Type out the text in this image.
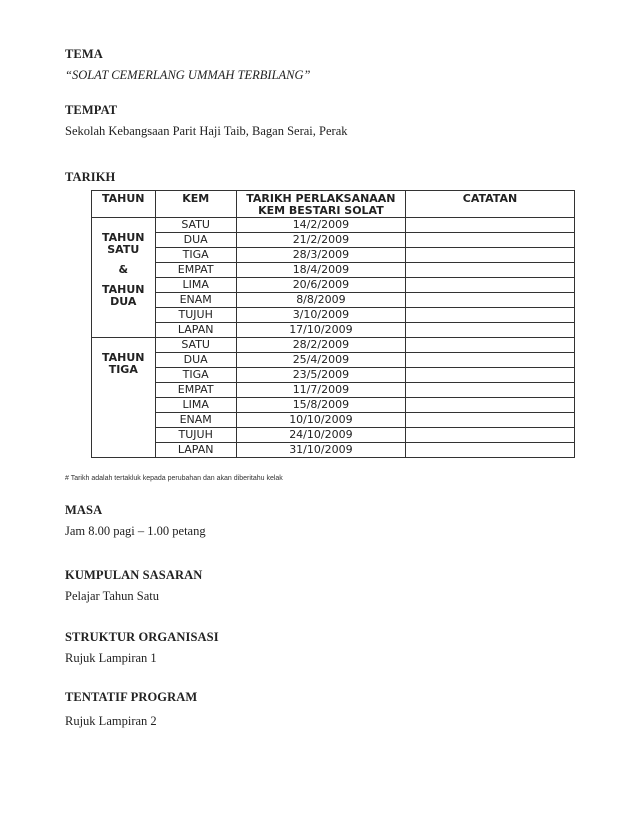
TEMA
“SOLAT CEMERLANG UMMAH TERBILANG”
TEMPAT
Sekolah Kebangsaan Parit Haji Taib, Bagan Serai, Perak
TARIKH
TAHUN	KEM	TARIKH PERLAKSANAAN KEM BESTARI SOLAT	CATATAN

TAHUN
SATU
&
TAHUN
DUA	SATU	14/2/2009	
	DUA	21/2/2009	
	TIGA	28/3/2009	
	EMPAT	18/4/2009	
	LIMA	20/6/2009	
	ENAM	8/8/2009	
	TUJUH	3/10/2009	
	LAPAN	17/10/2009	

TAHUN
TIGA	SATU	28/2/2009	
	DUA	25/4/2009	
	TIGA	23/5/2009	
	EMPAT	11/7/2009	
	LIMA	15/8/2009	
	ENAM	10/10/2009	
	TUJUH	24/10/2009	
	LAPAN	31/10/2009	
# Tarikh adalah tertakluk kepada perubahan dan akan diberitahu kelak
MASA
Jam 8.00 pagi – 1.00 petang
KUMPULAN SASARAN
Pelajar Tahun Satu
STRUKTUR ORGANISASI
Rujuk Lampiran 1
TENTATIF PROGRAM
Rujuk Lampiran 2
